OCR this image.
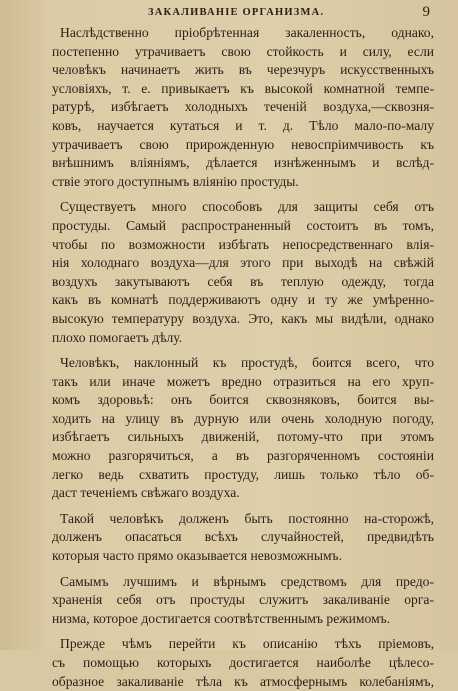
ЗАКАЛИВАНIЕ ОРГАНИЗМА.	9
Наслѣдственно прiобрѣтенная закаленность, однако,
постепенно утрачиваетъ свою стойкость и силу, если
человѣкъ начинаетъ жить въ черезчуръ искусственныхъ
условiяхъ, т. е. привыкаетъ къ высокой комнатной темпе-
ратурѣ, избѣгаетъ холодныхъ теченiй воздуха,—сквозня-
ковъ, научается кутаться и т. д. Тѣло мало-по-малу
утрачиваетъ свою прирожденную невоспрiимчивость къ
внѣшнимъ влiянiямъ, дѣлается изнѣженнымъ и вслѣд-
ствiе этого доступнымъ влiянiю простуды.
Существуетъ много способовъ для защиты себя отъ
простуды. Самый распространенный состоитъ въ томъ,
чтобы по возможности избѣгать непосредственнаго влiя-
нiя холоднаго воздуха—для этого при выходѣ на свѣжiй
воздухъ закутываютъ себя въ теплую одежду, тогда
какъ въ комнатѣ поддерживаютъ одну и ту же умѣренно-
высокую температуру воздуха. Это, какъ мы видѣли, однако
плохо помогаетъ дѣлу.
Человѣкъ, наклонный къ простудѣ, боится всего, что
такъ или иначе можетъ вредно отразиться на его хруп-
комъ здоровьѣ: онъ боится сквозняковъ, боится вы-
ходить на улицу въ дурную или очень холодную погоду,
избѣгаетъ сильныхъ движенiй, потому-что при этомъ
можно разгорячиться, а въ разгоряченномъ состоянiи
легко ведь схватить простуду, лишь только тѣло об-
даст теченiемъ свѣжаго воздуха.
Такой человѣкъ долженъ быть постоянно на-сторожѣ,
долженъ опасаться всѣхъ случайностей, предвидѣть
которыя часто прямо оказывается невозможнымъ.
Самымъ лучшимъ и вѣрнымъ средствомъ для предо-
храненiя себя отъ простуды служитъ закаливанiе орга-
низма, которое достигается соотвѣтственнымъ режимомъ.
Прежде чѣмъ перейти къ описанiю тѣхъ прiемовъ,
съ помощью которыхъ достигается наиболѣе цѣлесо-
образное закаливанiе тѣла къ атмосфернымъ колебанiямъ,
